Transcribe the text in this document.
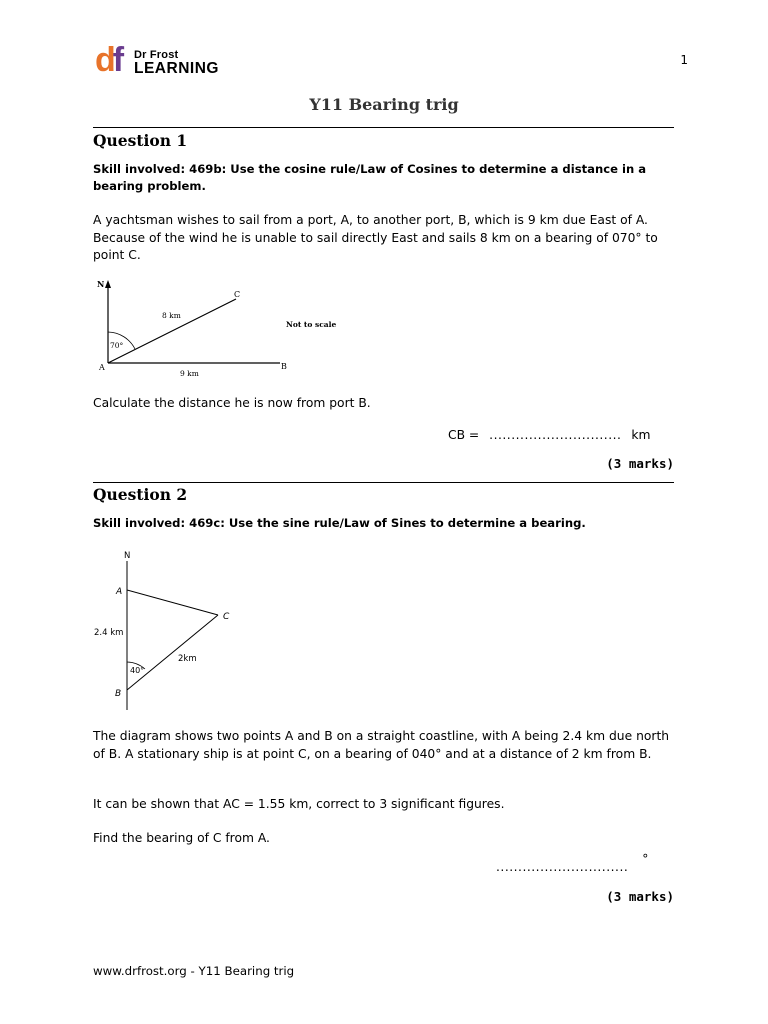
df Dr Frost
LEARNING	1
Y11 Bearing trig
Question 1
Skill involved: 469b: Use the cosine rule/Law of Cosines to determine a distance in a bearing problem.
A yachtsman wishes to sail from a port, A, to another port, B, which is 9 km due East of A. Because of the wind he is unable to sail directly East and sails 8 km on a bearing of 070° to point C.
N
A	B
C
8 km
9 km
70°
Not to scale
Calculate the distance he is now from port B.
CB = .............................. km
(3 marks)
Question 2
Skill involved: 469c: Use the sine rule/Law of Sines to determine a bearing.
N
A
B
C
2.4 km
2km
40°
The diagram shows two points A and B on a straight coastline, with A being 2.4 km due north of B. A stationary ship is at point C, on a bearing of 040° and at a distance of 2 km from B.
It can be shown that AC = 1.55 km, correct to 3 significant figures.
Find the bearing of C from A.
.............................. °
(3 marks)
www.drfrost.org - Y11 Bearing trig
